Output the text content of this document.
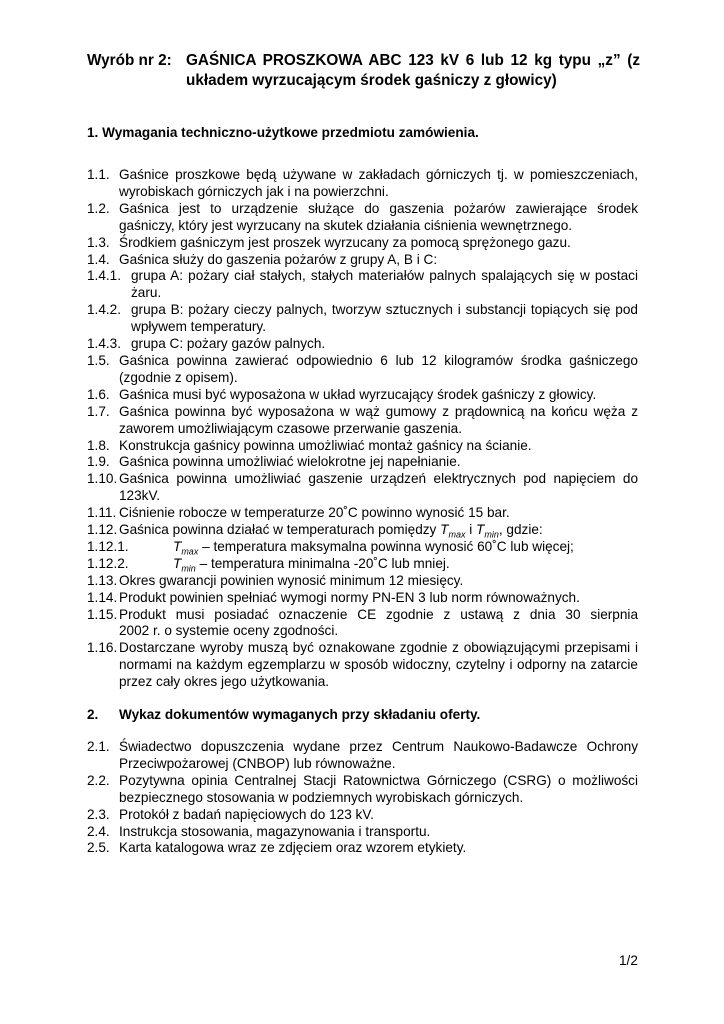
Wyrób nr 2: GAŚNICA PROSZKOWA ABC 123 kV 6 lub 12 kg typu „z” (z układem wyrzucającym środek gaśniczy z głowicy)
1. Wymagania techniczno-użytkowe przedmiotu zamówienia.
1.1. Gaśnice proszkowe będą używane w zakładach górniczych tj. w pomieszczeniach, wyrobiskach górniczych jak i na powierzchni.
1.2. Gaśnica jest to urządzenie służące do gaszenia pożarów zawierające środek gaśniczy, który jest wyrzucany na skutek działania ciśnienia wewnętrznego.
1.3. Środkiem gaśniczym jest proszek wyrzucany za pomocą sprężonego gazu.
1.4. Gaśnica służy do gaszenia pożarów z grupy A, B i C:
1.4.1. grupa A: pożary ciał stałych, stałych materiałów palnych spalających się w postaci żaru.
1.4.2. grupa B: pożary cieczy palnych, tworzyw sztucznych i substancji topiących się pod wpływem temperatury.
1.4.3. grupa C: pożary gazów palnych.
1.5. Gaśnica powinna zawierać odpowiednio 6 lub 12 kilogramów środka gaśniczego (zgodnie z opisem).
1.6. Gaśnica musi być wyposażona w układ wyrzucający środek gaśniczy z głowicy.
1.7. Gaśnica powinna być wyposażona w wąż gumowy z prądownicą na końcu węża z zaworem umożliwiającym czasowe przerwanie gaszenia.
1.8. Konstrukcja gaśnicy powinna umożliwiać montaż gaśnicy na ścianie.
1.9. Gaśnica powinna umożliwiać wielokrotne jej napełnianie.
1.10. Gaśnica powinna umożliwiać gaszenie urządzeń elektrycznych pod napięciem do 123kV.
1.11. Ciśnienie robocze w temperaturze 20˚C powinno wynosić 15 bar.
1.12. Gaśnica powinna działać w temperaturach pomiędzy $T_{max}$ i $T_{min}$, gdzie:
1.12.1.	$T_{max}$ – temperatura maksymalna powinna wynosić 60˚C lub więcej;
1.12.2.	$T_{min}$ – temperatura minimalna -20˚C lub mniej.
1.13. Okres gwarancji powinien wynosić minimum 12 miesięcy.
1.14. Produkt powinien spełniać wymogi normy PN-EN 3 lub norm równoważnych.
1.15. Produkt musi posiadać oznaczenie CE zgodnie z ustawą z dnia 30 sierpnia
2002 r. o systemie oceny zgodności.
1.16. Dostarczane wyroby muszą być oznakowane zgodnie z obowiązującymi przepisami i normami na każdym egzemplarzu w sposób widoczny, czytelny i odporny na zatarcie przez cały okres jego użytkowania.
2. Wykaz dokumentów wymaganych przy składaniu oferty.
2.1. Świadectwo dopuszczenia wydane przez Centrum Naukowo-Badawcze Ochrony Przeciwpożarowej (CNBOP) lub równoważne.
2.2. Pozytywna opinia Centralnej Stacji Ratownictwa Górniczego (CSRG) o możliwości bezpiecznego stosowania w podziemnych wyrobiskach górniczych.
2.3. Protokół z badań napięciowych do 123 kV.
2.4. Instrukcja stosowania, magazynowania i transportu.
2.5. Karta katalogowa wraz ze zdjęciem oraz wzorem etykiety.
1/2
